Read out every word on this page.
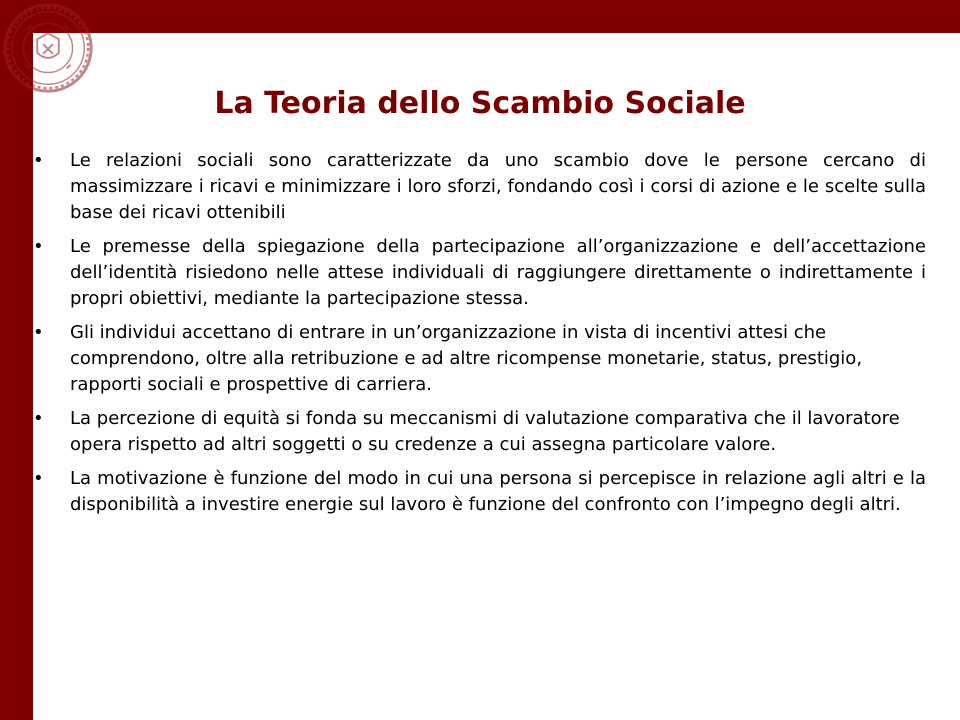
La Teoria dello Scambio Sociale
• Le relazioni sociali sono caratterizzate da uno scambio dove le persone cercano di massimizzare i ricavi e minimizzare i loro sforzi, fondando così i corsi di azione e le scelte sulla base dei ricavi ottenibili
• Le premesse della spiegazione della partecipazione all’organizzazione e dell’accettazione dell’identità risiedono nelle attese individuali di raggiungere direttamente o indirettamente i propri obiettivi, mediante la partecipazione stessa.
• Gli individui accettano di entrare in un’organizzazione in vista di incentivi attesi che comprendono, oltre alla retribuzione e ad altre ricompense monetarie, status, prestigio, rapporti sociali e prospettive di carriera.
• La percezione di equità si fonda su meccanismi di valutazione comparativa che il lavoratore opera rispetto ad altri soggetti o su credenze a cui assegna particolare valore.
• La motivazione è funzione del modo in cui una persona si percepisce in relazione agli altri e la disponibilità a investire energie sul lavoro è funzione del confronto con l’impegno degli altri.
